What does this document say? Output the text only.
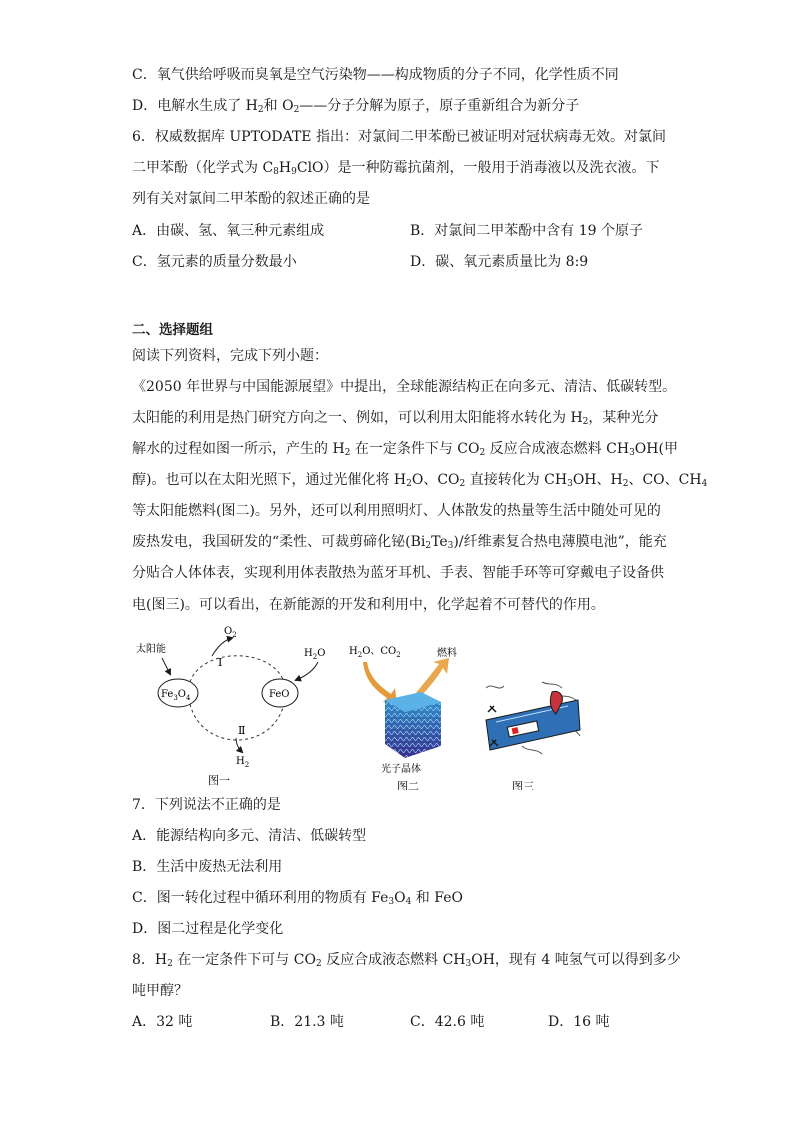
C．氧气供给呼吸而臭氧是空气污染物——构成物质的分子不同，化学性质不同
D．电解水生成了 $H_2$和 $O_2——$分子分解为原子，原子重新组合为新分子
6．权威数据库 UPTODATE 指出：对氯间二甲苯酚已被证明对冠状病毒无效。对氯间
二甲苯酚（化学式为 $C_8H_9ClO$）是一种防霉抗菌剂，一般用于消毒液以及洗衣液。下
列有关对氯间二甲苯酚的叙述正确的是
A．由碳、氢、氧三种元素组成	B．对氯间二甲苯酚中含有 19 个原子
C．氢元素的质量分数最小	D．碳、氧元素质量比为 8:9
二、选择题组
阅读下列资料，完成下列小题：
《2050 年世界与中国能源展望》中提出，全球能源结构正在向多元、清洁、低碳转型。
太阳能的利用是热门研究方向之一、例如，可以利用太阳能将水转化为 $H_2$，某种光分
解水的过程如图一所示，产生的 $H_2$ 在一定条件下与 $CO_2$ 反应合成液态燃料 $CH_3OH$(甲
醇)。也可以在太阳光照下，通过光催化将 $H_2O$、$CO_2$ 直接转化为 $CH_3OH$、$H_2$、CO、$CH_4$
等太阳能燃料(图二)。另外，还可以利用照明灯、人体散发的热量等生活中随处可见的
废热发电，我国研发的“柔性、可裁剪碲化铋$(Bi_2Te_3)/$纤维素复合热电薄膜电池”，能充
分贴合人体体表，实现利用体表散热为蓝牙耳机、手表、智能手环等可穿戴电子设备供
电(图三)。可以看出，在新能源的开发和利用中，化学起着不可替代的作用。
$Fe_3O_4$	FeO
太阳能
$O_2$
Ⅰ
$H_2O$
Ⅱ
$H_2$
图一
$H_2O$、$CO_2$	燃料
光子晶体
图二	图三
7．下列说法不正确的是
A．能源结构向多元、清洁、低碳转型
B．生活中废热无法利用
C．图一转化过程中循环利用的物质有 $Fe_3O_4$ 和 FeO
D．图二过程是化学变化
8．$H_2$ 在一定条件下可与 $CO_2$ 反应合成液态燃料 $CH_3OH$，现有 4 吨氢气可以得到多少
吨甲醇？
A．32 吨	B．21.3 吨	C．42.6 吨	D．16 吨
